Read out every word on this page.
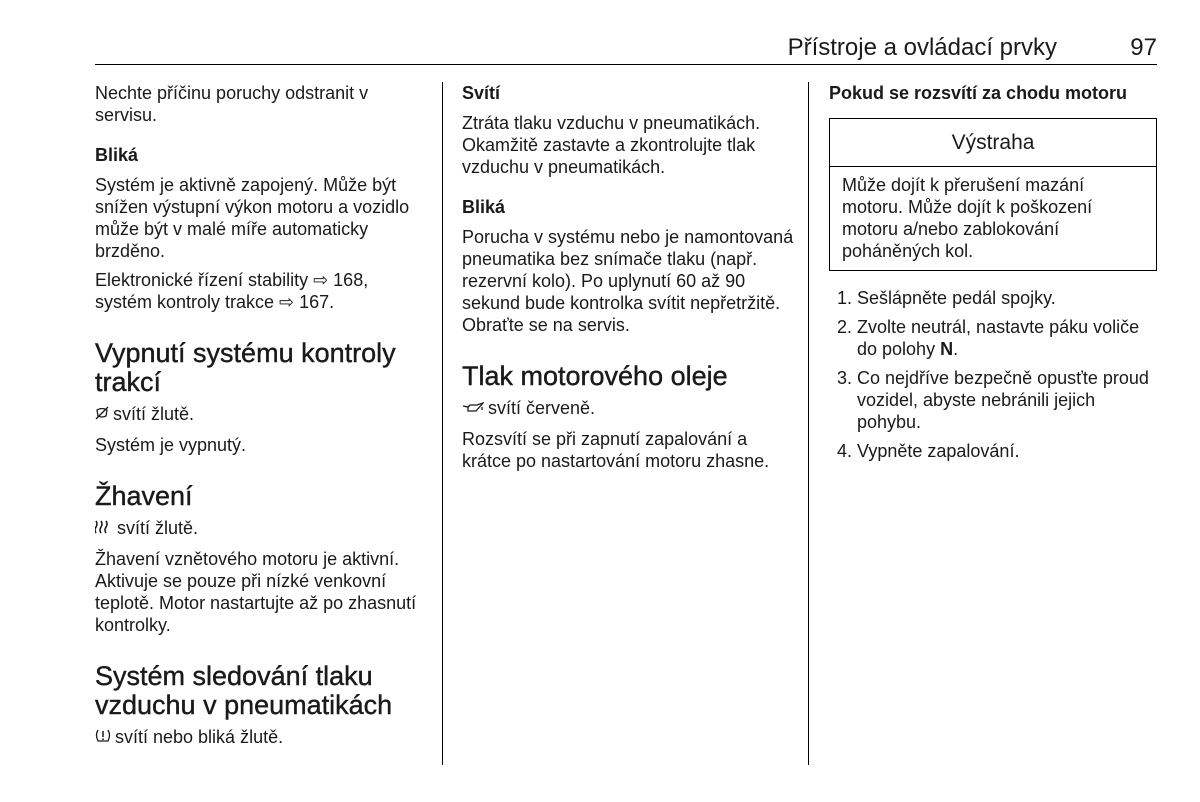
Přístroje a ovládací prvky	97

Nechte příčinu poruchy odstranit v servisu.

Bliká

Systém je aktivně zapojený. Může být snížen výstupní výkon motoru a vozidlo může být v malé míře automaticky brzděno.

Elektronické řízení stability ⇨ 168, systém kontroly trakce ⇨ 167.

Vypnutí systému kontroly trakcí

svítí žlutě.

Systém je vypnutý.

Žhavení

svítí žlutě.

Žhavení vznětového motoru je aktivní. Aktivuje se pouze při nízké venkovní teplotě. Motor nastartujte až po zhasnutí kontrolky.

Systém sledování tlaku vzduchu v pneumatikách

svítí nebo bliká žlutě.

Svítí

Ztráta tlaku vzduchu v pneumatikách. Okamžitě zastavte a zkontrolujte tlak vzduchu v pneumatikách.

Bliká

Porucha v systému nebo je namontovaná pneumatika bez snímače tlaku (např. rezervní kolo). Po uplynutí 60 až 90 sekund bude kontrolka svítit nepřetržitě. Obraťte se na servis.

Tlak motorového oleje

svítí červeně.

Rozsvítí se při zapnutí zapalování a krátce po nastartování motoru zhasne.

Pokud se rozsvítí za chodu motoru
Výstraha
Může dojít k přerušení mazání motoru. Může dojít k poškození motoru a/nebo zablokování poháněných kol.
1. Sešlápněte pedál spojky.
2. Zvolte neutrál, nastavte páku voliče do polohy N.
3. Co nejdříve bezpečně opusťte proud vozidel, abyste nebránili jejich pohybu.
4. Vypněte zapalování.
